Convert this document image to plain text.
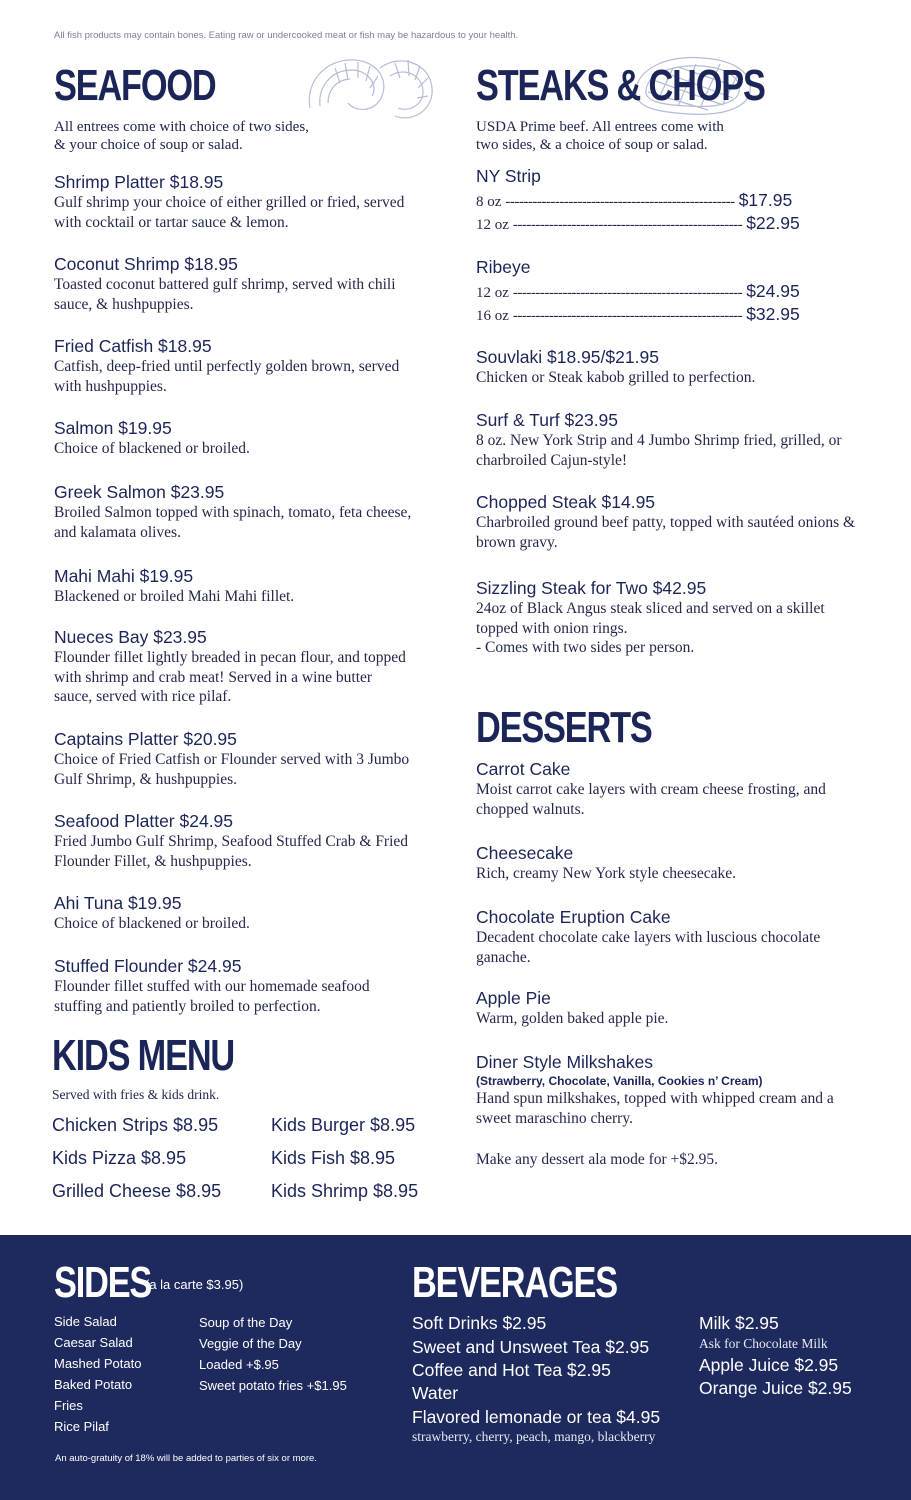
All fish products may contain bones. Eating raw or undercooked meat or fish may be hazardous to your health.
SEAFOOD
All entrees come with choice of two sides,
& your choice of soup or salad.
Shrimp Platter $18.95
Gulf shrimp your choice of either grilled or fried, served with cocktail or tartar sauce & lemon.
Coconut Shrimp $18.95
Toasted coconut battered gulf shrimp, served with chili sauce, & hushpuppies.
Fried Catfish $18.95
Catfish, deep-fried until perfectly golden brown, served with hushpuppies.
Salmon $19.95
Choice of blackened or broiled.
Greek Salmon $23.95
Broiled Salmon topped with spinach, tomato, feta cheese, and kalamata olives.
Mahi Mahi $19.95
Blackened or broiled Mahi Mahi fillet.
Nueces Bay $23.95
Flounder fillet lightly breaded in pecan flour, and topped with shrimp and crab meat! Served in a wine butter sauce, served with rice pilaf.
Captains Platter $20.95
Choice of Fried Catfish or Flounder served with 3 Jumbo Gulf Shrimp, & hushpuppies.
Seafood Platter $24.95
Fried Jumbo Gulf Shrimp, Seafood Stuffed Crab & Fried Flounder Fillet, & hushpuppies.
Ahi Tuna $19.95
Choice of blackened or broiled.
Stuffed Flounder $24.95
Flounder fillet stuffed with our homemade seafood stuffing and patiently broiled to perfection.
KIDS MENU
Served with fries & kids drink.
Chicken Strips $8.95	Kids Burger $8.95
Kids Pizza $8.95	Kids Fish $8.95
Grilled Cheese $8.95	Kids Shrimp $8.95
STEAKS & CHOPS
USDA Prime beef. All entrees come with
two sides, & a choice of soup or salad.
NY Strip
8 oz --------------------------------------------------- $17.95
12 oz --------------------------------------------------- $22.95
Ribeye
12 oz --------------------------------------------------- $24.95
16 oz --------------------------------------------------- $32.95
Souvlaki $18.95/$21.95
Chicken or Steak kabob grilled to perfection.
Surf & Turf $23.95
8 oz. New York Strip and 4 Jumbo Shrimp fried, grilled, or charbroiled Cajun-style!
Chopped Steak $14.95
Charbroiled ground beef patty, topped with sautéed onions & brown gravy.
Sizzling Steak for Two $42.95
24oz of Black Angus steak sliced and served on a skillet topped with onion rings.
- Comes with two sides per person.
DESSERTS
Carrot Cake
Moist carrot cake layers with cream cheese frosting, and chopped walnuts.
Cheesecake
Rich, creamy New York style cheesecake.
Chocolate Eruption Cake
Decadent chocolate cake layers with luscious chocolate ganache.
Apple Pie
Warm, golden baked apple pie.
Diner Style Milkshakes
(Strawberry, Chocolate, Vanilla, Cookies n’ Cream)
Hand spun milkshakes, topped with whipped cream and a sweet maraschino cherry.
Make any dessert ala mode for +$2.95.
SIDES
(a la carte $3.95)
Side Salad
Caesar Salad
Mashed Potato
Baked Potato
Fries
Rice Pilaf
Soup of the Day
Veggie of the Day
Loaded +$.95
Sweet potato fries +$1.95
BEVERAGES
Soft Drinks $2.95
Sweet and Unsweet Tea $2.95
Coffee and Hot Tea $2.95
Water
Flavored lemonade or tea $4.95
strawberry, cherry, peach, mango, blackberry
Milk $2.95
Ask for Chocolate Milk
Apple Juice $2.95
Orange Juice $2.95
An auto-gratuity of 18% will be added to parties of six or more.
